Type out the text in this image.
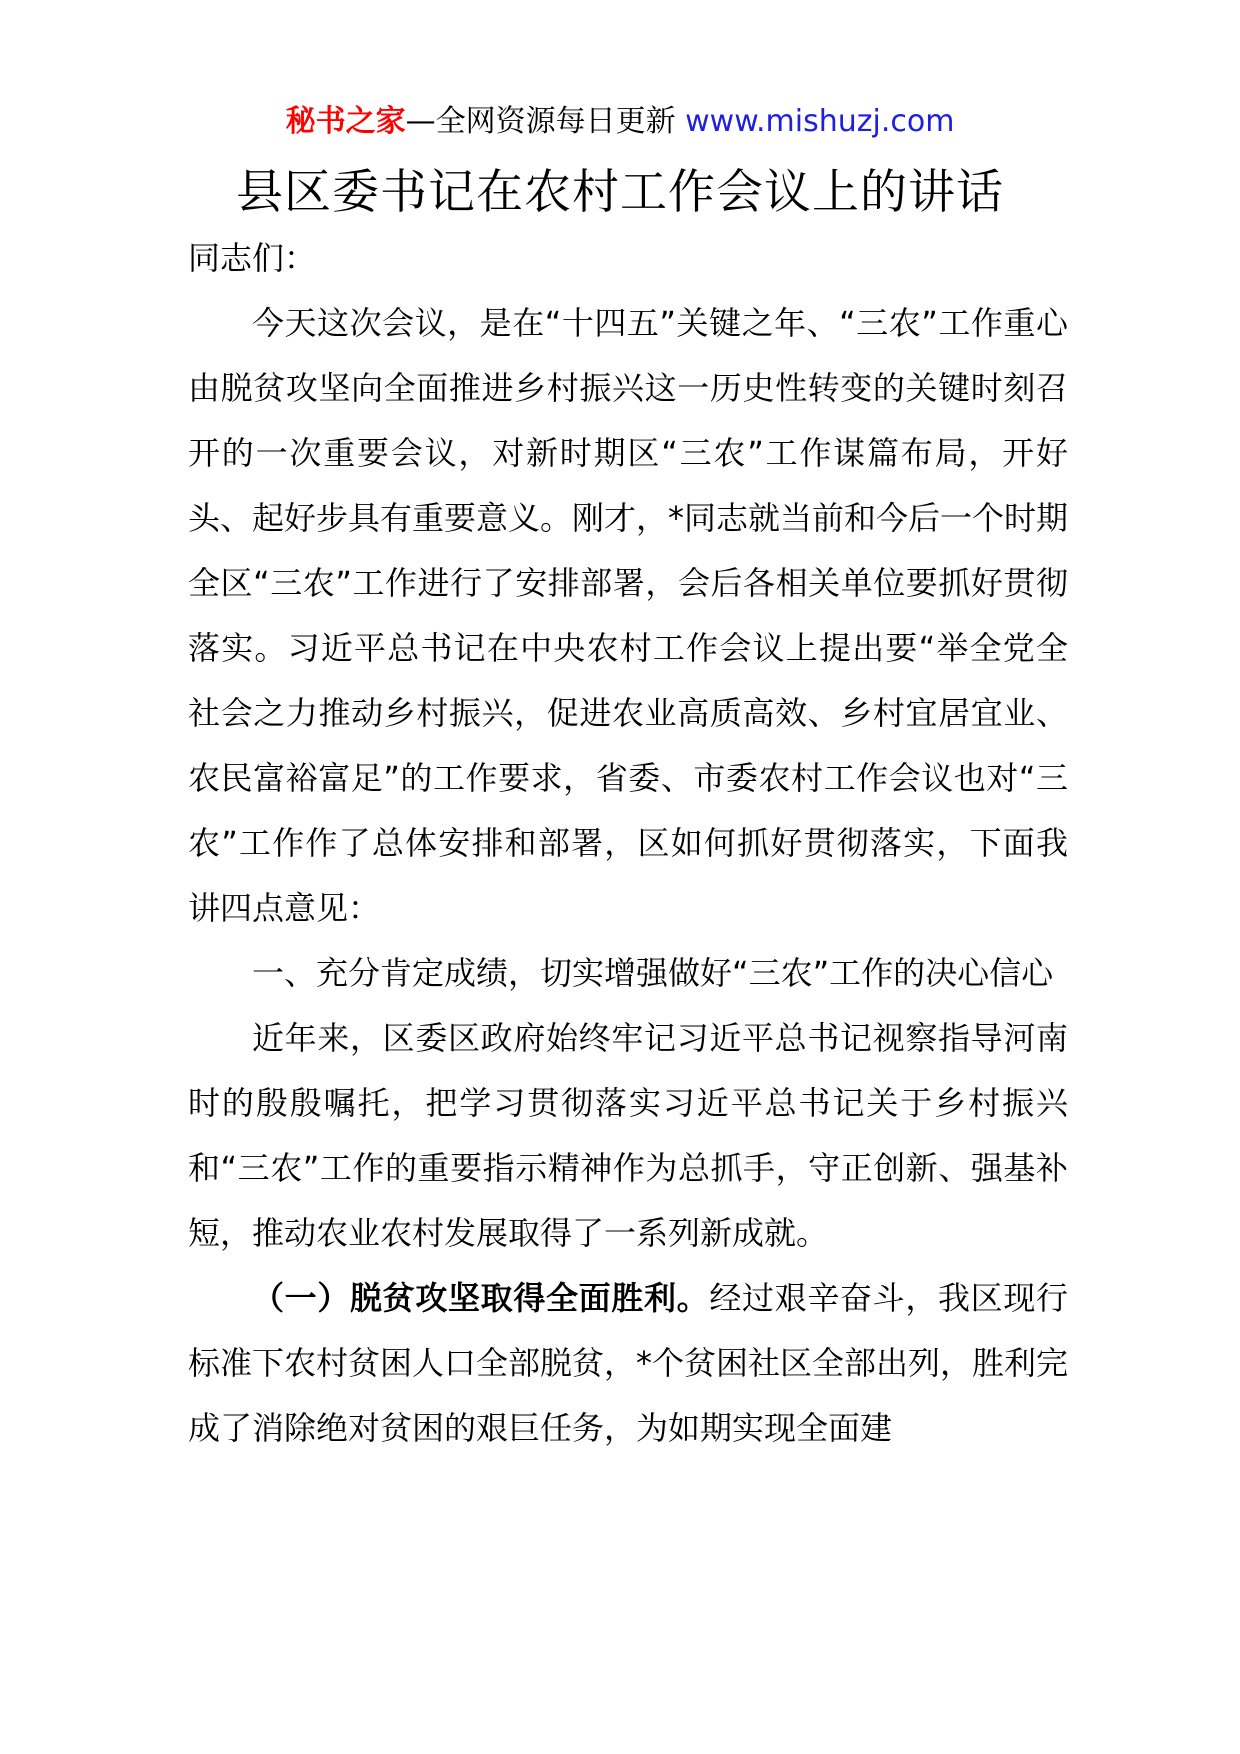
秘书之家—全网资源每日更新 www.mishuzj.com
县区委书记在农村工作会议上的讲话

同志们：

今天这次会议，是在“十四五”关键之年、“三农”工作重心由脱贫攻坚向全面推进乡村振兴这一历史性转变的关键时刻召开的一次重要会议，对新时期区“三农”工作谋篇布局，开好头、起好步具有重要意义。刚才，*同志就当前和今后一个时期全区“三农”工作进行了安排部署，会后各相关单位要抓好贯彻落实。习近平总书记在中央农村工作会议上提出要“举全党全社会之力推动乡村振兴，促进农业高质高效、乡村宜居宜业、农民富裕富足”的工作要求，省委、市委农村工作会议也对“三农”工作作了总体安排和部署，区如何抓好贯彻落实，下面我讲四点意见：

一、充分肯定成绩，切实增强做好“三农”工作的决心信心

近年来，区委区政府始终牢记习近平总书记视察指导河南时的殷殷嘱托，把学习贯彻落实习近平总书记关于乡村振兴和“三农”工作的重要指示精神作为总抓手，守正创新、强基补短，推动农业农村发展取得了一系列新成就。

（一）脱贫攻坚取得全面胜利。经过艰辛奋斗，我区现行标准下农村贫困人口全部脱贫，*个贫困社区全部出列，胜利完成了消除绝对贫困的艰巨任务，为如期实现全面建
